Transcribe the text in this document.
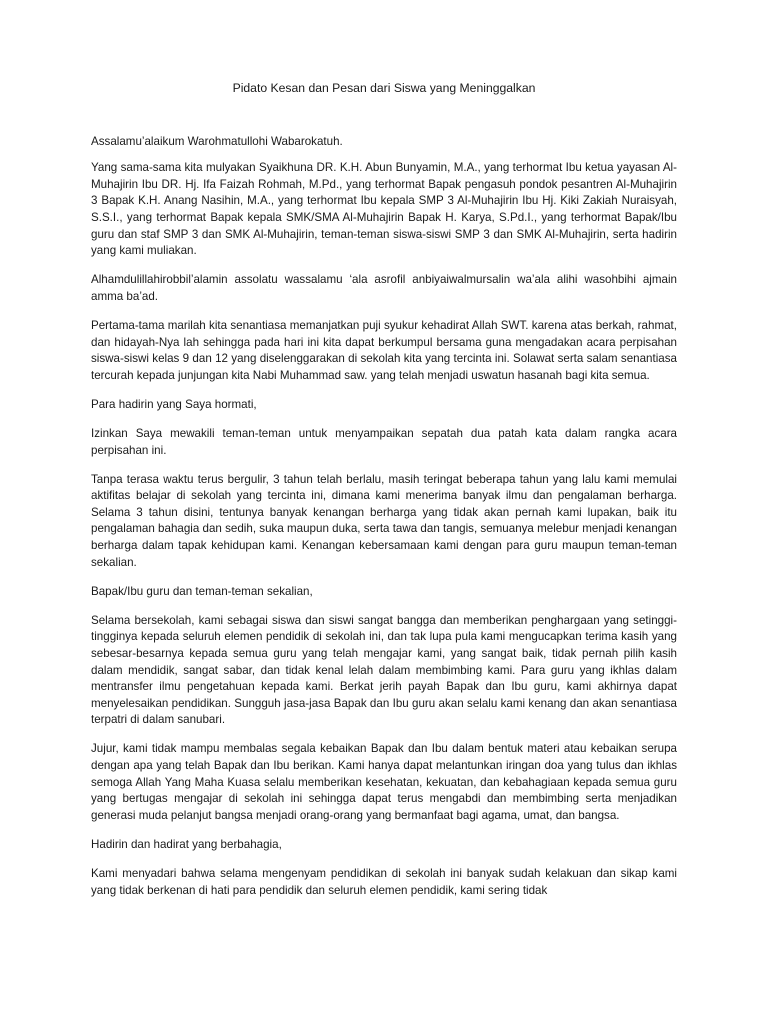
Pidato Kesan dan Pesan dari Siswa yang Meninggalkan
Assalamu’alaikum Warohmatullohi Wabarokatuh.
Yang sama-sama kita mulyakan Syaikhuna DR. K.H. Abun Bunyamin, M.A., yang terhormat Ibu ketua yayasan Al-Muhajirin Ibu DR. Hj. Ifa Faizah Rohmah, M.Pd., yang terhormat Bapak pengasuh pondok pesantren Al-Muhajirin 3 Bapak K.H. Anang Nasihin, M.A., yang terhormat Ibu kepala SMP 3 Al-Muhajirin Ibu Hj. Kiki Zakiah Nuraisyah, S.S.I., yang terhormat Bapak kepala SMK/SMA Al-Muhajirin Bapak H. Karya, S.Pd.I., yang terhormat Bapak/Ibu guru dan staf SMP 3 dan SMK Al-Muhajirin, teman-teman siswa-siswi SMP 3 dan SMK Al-Muhajirin, serta hadirin yang kami muliakan.
Alhamdulillahirobbil’alamin assolatu wassalamu ‘ala asrofil anbiyaiwalmursalin wa’ala alihi wasohbihi ajmain amma ba’ad.
Pertama-tama marilah kita senantiasa memanjatkan puji syukur kehadirat Allah SWT. karena atas berkah, rahmat, dan hidayah-Nya lah sehingga pada hari ini kita dapat berkumpul bersama guna mengadakan acara perpisahan siswa-siswi kelas 9 dan 12 yang diselenggarakan di sekolah kita yang tercinta ini. Solawat serta salam senantiasa tercurah kepada junjungan kita Nabi Muhammad saw. yang telah menjadi uswatun hasanah bagi kita semua.
Para hadirin yang Saya hormati,
Izinkan Saya mewakili teman-teman untuk menyampaikan sepatah dua patah kata dalam rangka acara perpisahan ini.
Tanpa terasa waktu terus bergulir, 3 tahun telah berlalu, masih teringat beberapa tahun yang lalu kami memulai aktifitas belajar di sekolah yang tercinta ini, dimana kami menerima banyak ilmu dan pengalaman berharga. Selama 3 tahun disini, tentunya banyak kenangan berharga yang tidak akan pernah kami lupakan, baik itu pengalaman bahagia dan sedih, suka maupun duka, serta tawa dan tangis, semuanya melebur menjadi kenangan berharga dalam tapak kehidupan kami. Kenangan kebersamaan kami dengan para guru maupun teman-teman sekalian.
Bapak/Ibu guru dan teman-teman sekalian,
Selama bersekolah, kami sebagai siswa dan siswi sangat bangga dan memberikan penghargaan yang setinggi-tingginya kepada seluruh elemen pendidik di sekolah ini, dan tak lupa pula kami mengucapkan terima kasih yang sebesar-besarnya kepada semua guru yang telah mengajar kami, yang sangat baik, tidak pernah pilih kasih dalam mendidik, sangat sabar, dan tidak kenal lelah dalam membimbing kami. Para guru yang ikhlas dalam mentransfer ilmu pengetahuan kepada kami. Berkat jerih payah Bapak dan Ibu guru, kami akhirnya dapat menyelesaikan pendidikan. Sungguh jasa-jasa Bapak dan Ibu guru akan selalu kami kenang dan akan senantiasa terpatri di dalam sanubari.
Jujur, kami tidak mampu membalas segala kebaikan Bapak dan Ibu dalam bentuk materi atau kebaikan serupa dengan apa yang telah Bapak dan Ibu berikan. Kami hanya dapat melantunkan iringan doa yang tulus dan ikhlas semoga Allah Yang Maha Kuasa selalu memberikan kesehatan, kekuatan, dan kebahagiaan kepada semua guru yang bertugas mengajar di sekolah ini sehingga dapat terus mengabdi dan membimbing serta menjadikan generasi muda pelanjut bangsa menjadi orang-orang yang bermanfaat bagi agama, umat, dan bangsa.
Hadirin dan hadirat yang berbahagia,
Kami menyadari bahwa selama mengenyam pendidikan di sekolah ini banyak sudah kelakuan dan sikap kami yang tidak berkenan di hati para pendidik dan seluruh elemen pendidik, kami sering tidak
